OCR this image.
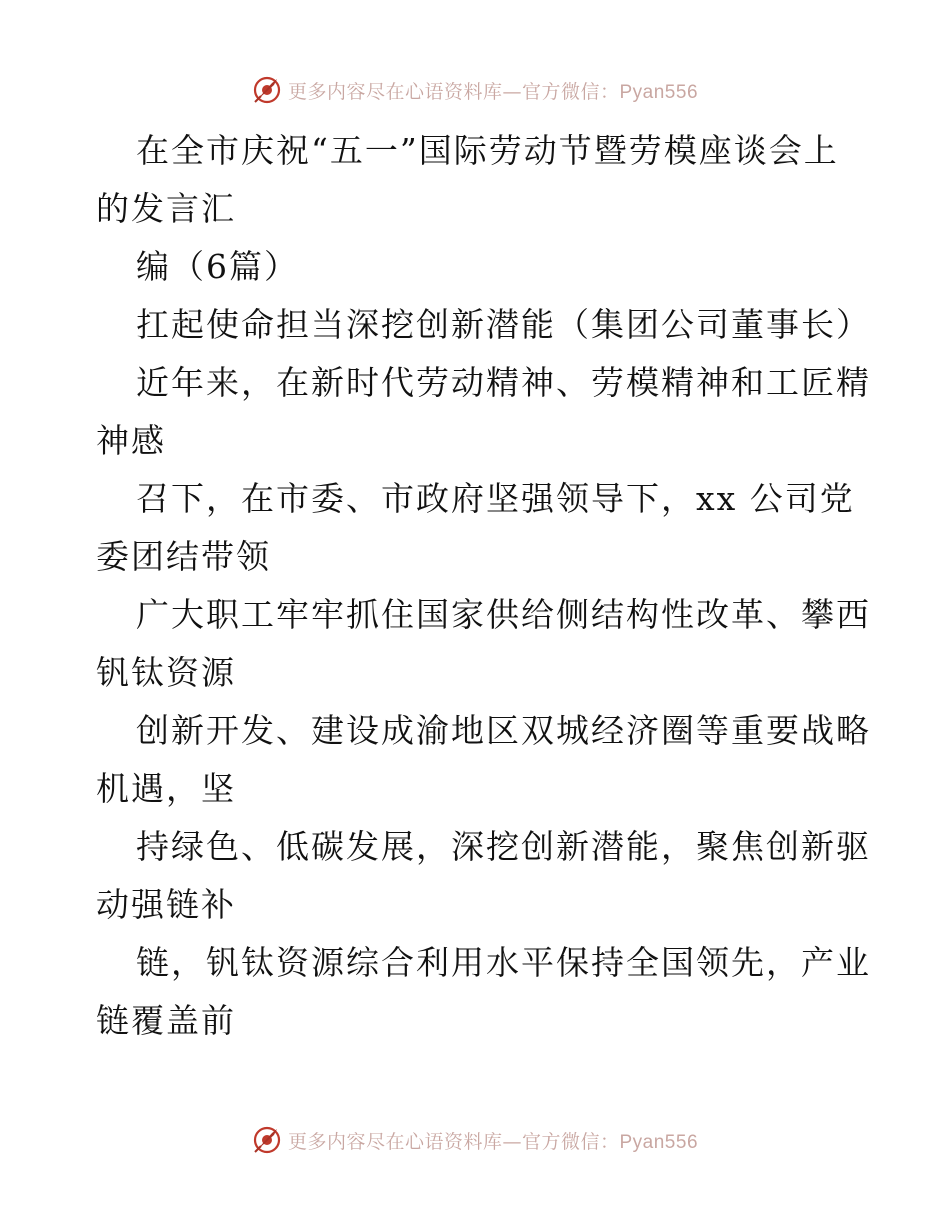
更多内容尽在心语资料库—官方微信：Pyan556
在全市庆祝“五一”国际劳动节暨劳模座谈会上
的发言汇
编（6篇）
扛起使命担当深挖创新潜能（集团公司董事长）
近年来，在新时代劳动精神、劳模精神和工匠精
神感
召下，在市委、市政府坚强领导下，xx 公司党
委团结带领
广大职工牢牢抓住国家供给侧结构性改革、攀西
钒钛资源
创新开发、建设成渝地区双城经济圈等重要战略
机遇，坚
持绿色、低碳发展，深挖创新潜能，聚焦创新驱
动强链补
链，钒钛资源综合利用水平保持全国领先，产业
链覆盖前
更多内容尽在心语资料库—官方微信：Pyan556
